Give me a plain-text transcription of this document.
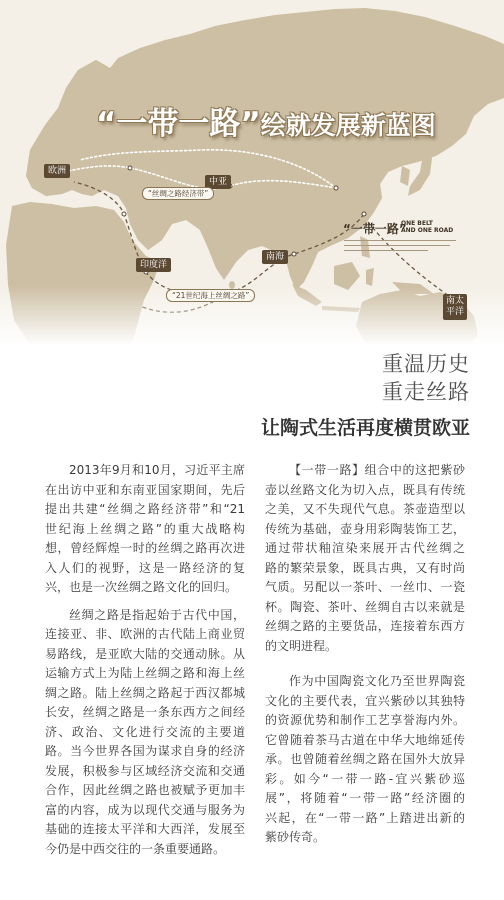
“一带一路”绘就发展新蓝图
欧洲
中亚
“丝绸之路经济带”
印度洋
南海
“21世纪海上丝绸之路”
南太平洋
“一带一路”
ONE BELT
AND ONE ROAD
重温历史
重走丝路
让陶式生活再度横贯欧亚
2013年9月和10月，习近平主席
在出访中亚和东南亚国家期间，先后
提出共建“丝绸之路经济带”和“21
世纪海上丝绸之路”的重大战略构
想，曾经辉煌一时的丝绸之路再次进
入人们的视野，这是一路经济的复
兴，也是一次丝绸之路文化的回归。
丝绸之路是指起始于古代中国，
连接亚、非、欧洲的古代陆上商业贸
易路线，是亚欧大陆的交通动脉。从
运输方式上为陆上丝绸之路和海上丝
绸之路。陆上丝绸之路起于西汉都城
长安，丝绸之路是一条东西方之间经
济、政治、文化进行交流的主要道
路。当今世界各国为谋求自身的经济
发展，积极参与区域经济交流和交通
合作，因此丝绸之路也被赋予更加丰
富的内容，成为以现代交通与服务为
基础的连接太平洋和大西洋，发展至
今仍是中西交往的一条重要通路。
【一带一路】组合中的这把紫砂
壶以丝路文化为切入点，既具有传统
之美，又不失现代气息。茶壶造型以
传统为基础，壶身用彩陶装饰工艺，
通过带状釉渲染来展开古代丝绸之
路的繁荣景象，既具古典，又有时尚
气质。另配以一茶叶、一丝巾、一瓷
杯。陶瓷、茶叶、丝绸自古以来就是
丝绸之路的主要货品，连接着东西方
的文明进程。
作为中国陶瓷文化乃至世界陶瓷
文化的主要代表，宜兴紫砂以其独特
的资源优势和制作工艺享誉海内外。
它曾随着茶马古道在中华大地绵延传
承。也曾随着丝绸之路在国外大放异
彩。如今“一带一路-宜兴紫砂巡
展”，将随着“一带一路”经济圈的
兴起，在“一带一路”上踏进出新的
紫砂传奇。
